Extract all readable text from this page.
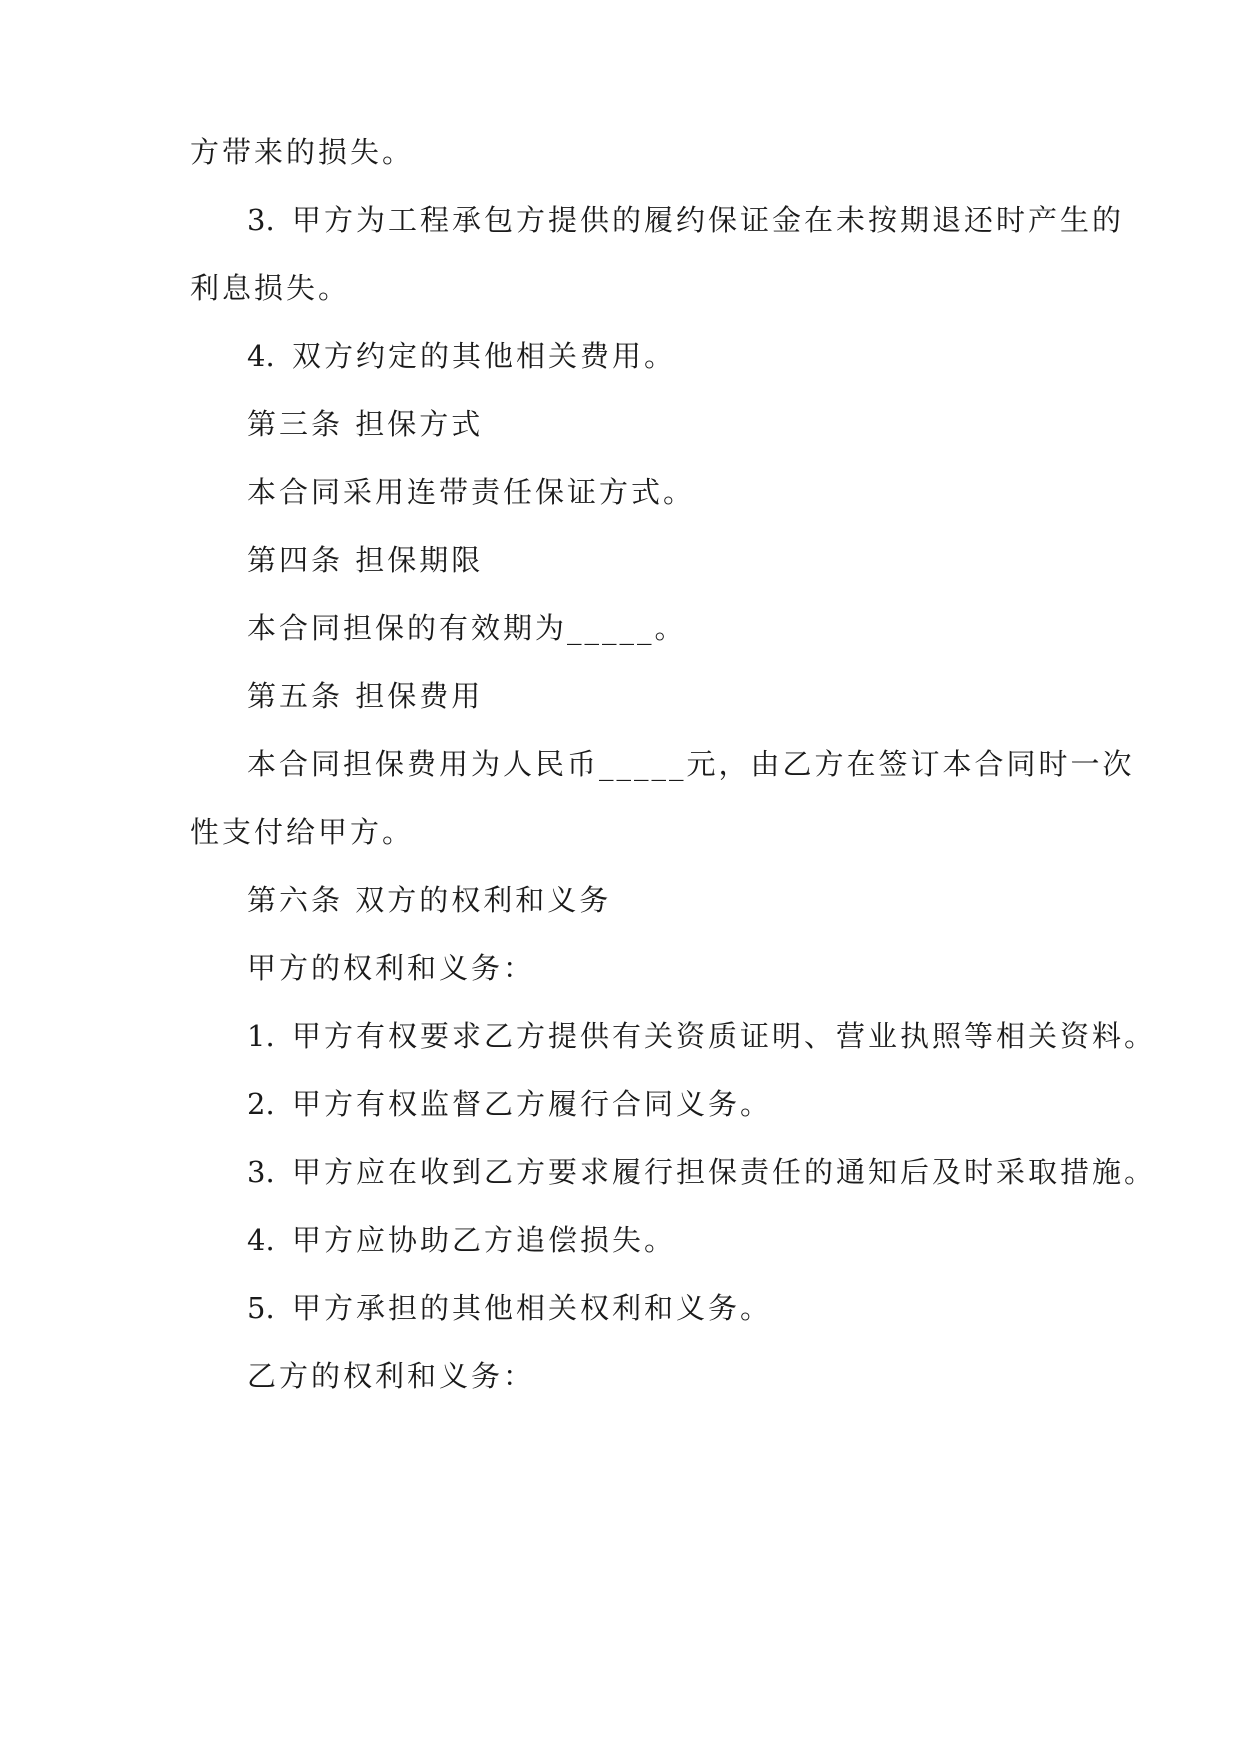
方带来的损失。
3. 甲方为工程承包方提供的履约保证金在未按期退还时产生的
利息损失。
4. 双方约定的其他相关费用。
第三条 担保方式
本合同采用连带责任保证方式。
第四条 担保期限
本合同担保的有效期为_____。
第五条 担保费用
本合同担保费用为人民币_____元，由乙方在签订本合同时一次
性支付给甲方。
第六条 双方的权利和义务
甲方的权利和义务：
1. 甲方有权要求乙方提供有关资质证明、营业执照等相关资料。
2. 甲方有权监督乙方履行合同义务。
3. 甲方应在收到乙方要求履行担保责任的通知后及时采取措施。
4. 甲方应协助乙方追偿损失。
5. 甲方承担的其他相关权利和义务。
乙方的权利和义务：
